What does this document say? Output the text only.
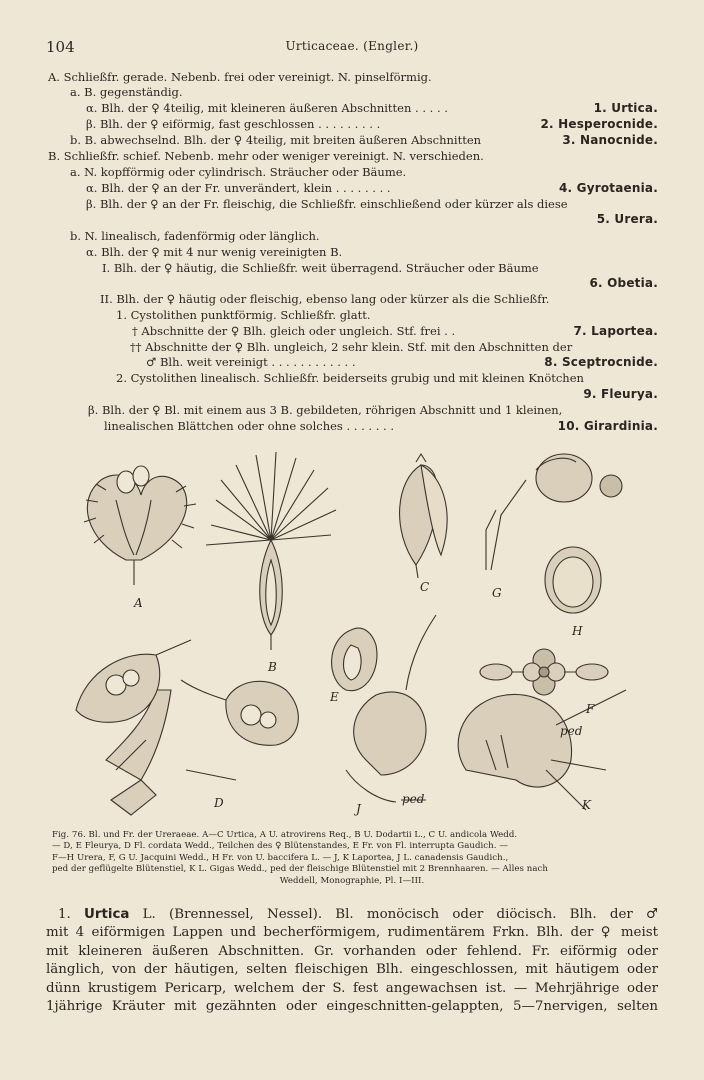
104	Urticaceae. (Engler.)
A. Schließfr. gerade. Nebenb. frei oder vereinigt. N. pinselförmig.
a. B. gegenständig.
α. Blh. der ♀ 4teilig, mit kleineren äußeren Abschnitten . . . . .	1. Urtica.
β. Blh. der ♀ eiförmig, fast geschlossen . . . . . . . . .	2. Hesperocnide.
b. B. abwechselnd. Blh. der ♀ 4teilig, mit breiten äußeren Abschnitten	3. Nanocnide.
B. Schließfr. schief. Nebenb. mehr oder weniger vereinigt. N. verschieden.
a. N. kopfförmig oder cylindrisch. Sträucher oder Bäume.
α. Blh. der ♀ an der Fr. unverändert, klein . . . . . . . .	4. Gyrotaenia.
β. Blh. der ♀ an der Fr. fleischig, die Schließfr. einschließend oder kürzer als diese
5. Urera.
b. N. linealisch, fadenförmig oder länglich.
α. Blh. der ♀ mit 4 nur wenig vereinigten B.
I. Blh. der ♀ häutig, die Schließfr. weit überragend. Sträucher oder Bäume
6. Obetia.
II. Blh. der ♀ häutig oder fleischig, ebenso lang oder kürzer als die Schließfr.
1. Cystolithen punktförmig. Schließfr. glatt.
† Abschnitte der ♀ Blh. gleich oder ungleich. Stf. frei . .	7. Laportea.
†† Abschnitte der ♀ Blh. ungleich, 2 sehr klein. Stf. mit den Abschnitten der
♂ Blh. weit vereinigt . . . . . . . . . . . .	8. Sceptrocnide.
2. Cystolithen linealisch. Schließfr. beiderseits grubig und mit kleinen Knötchen
9. Fleurya.
β. Blh. der ♀ Bl. mit einem aus 3 B. gebildeten, röhrigen Abschnitt und 1 kleinen,
linealischen Blättchen oder ohne solches . . . . . . .	10. Girardinia.
A
B
C	G
H
E
F
D	J	K
ped
ped
Fig. 76. Bl. und Fr. der Ureraeae. A—C Urtica, A U. atrovirens Req., B U. Dodartii L., C U. andicola Wedd.
— D, E Fleurya, D Fl. cordata Wedd., Teilchen des ♀ Blütenstandes, E Fr. von Fl. interrupta Gaudich. —
F—H Urera, F, G U. Jacquini Wedd., H Fr. von U. baccifera L. — J, K Laportea, J L. canadensis Gaudich.,
ped der geflügelte Blütenstiel, K L. Gigas Wedd., ped der fleischige Blütenstiel mit 2 Brennhaaren. — Alles nach
Weddell, Monographie, Pl. I—III.
1. Urtica L. (Brennessel, Nessel). Bl. monöcisch oder diöcisch. Blh. der ♂
mit 4 eiförmigen Lappen und becherförmigem, rudimentärem Frkn. Blh. der ♀ meist
mit kleineren äußeren Abschnitten. Gr. vorhanden oder fehlend. Fr. eiförmig oder
länglich, von der häutigen, selten fleischigen Blh. eingeschlossen, mit häutigem oder
dünn krustigem Pericarp, welchem der S. fest angewachsen ist. — Mehrjährige oder
1jährige Kräuter mit gezähnten oder eingeschnitten-gelappten, 5—7nervigen, selten
